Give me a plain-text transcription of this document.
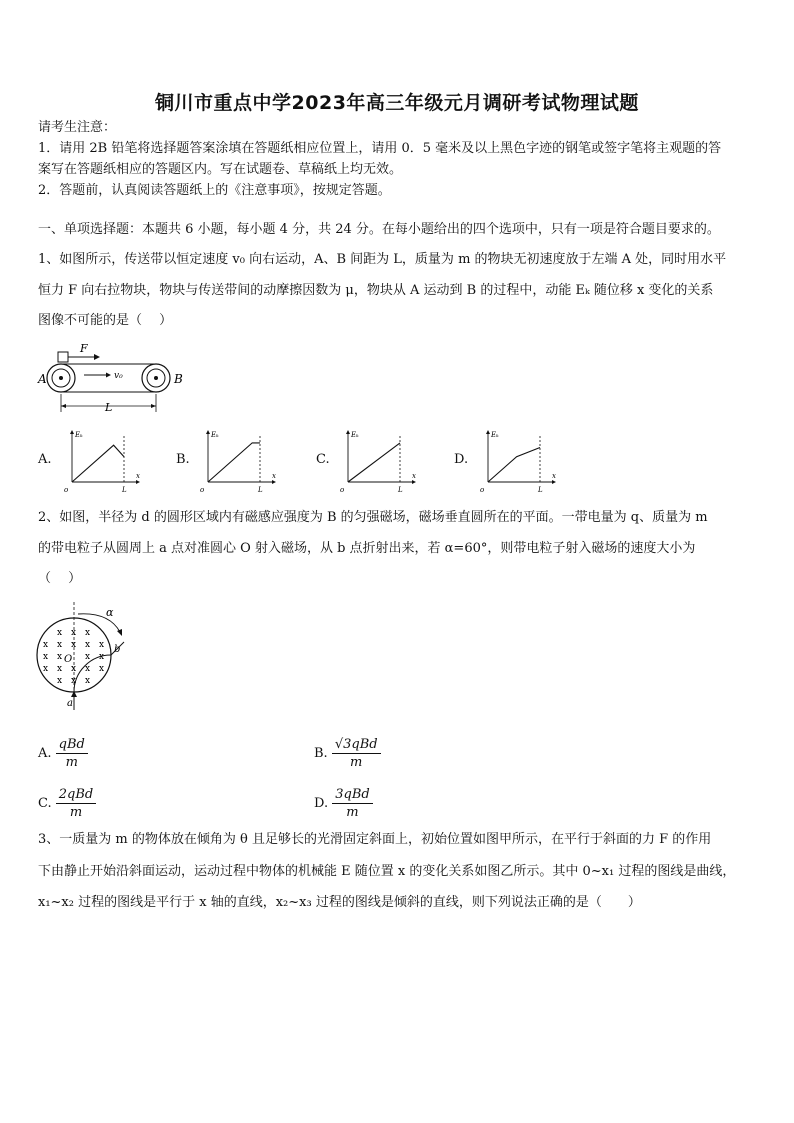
铜川市重点中学2023年高三年级元月调研考试物理试题
请考生注意：
1．请用 2B 铅笔将选择题答案涂填在答题纸相应位置上，请用 0．5 毫米及以上黑色字迹的钢笔或签字笔将主观题的答
案写在答题纸相应的答题区内。写在试题卷、草稿纸上均无效。
2．答题前，认真阅读答题纸上的《注意事项》，按规定答题。
一、单项选择题：本题共 6 小题，每小题 4 分，共 24 分。在每小题给出的四个选项中，只有一项是符合题目要求的。
1、如图所示，传送带以恒定速度 v₀ 向右运动，A、B 间距为 L，质量为 m 的物块无初速度放于左端 A 处，同时用水平
恒力 F 向右拉物块，物块与传送带间的动摩擦因数为 μ，物块从 A 运动到 B 的过程中，动能 Eₖ 随位移 x 变化的关系
图像不可能的是（　 ）
F
v₀
A	B
L
A.	B.	C.	D.
Eₖ
x
o	L
Eₖ
x
o	L
Eₖ
x
o	L
Eₖ
x
o	L
2、如图，半径为 d 的圆形区域内有磁感应强度为 B 的匀强磁场，磁场垂直圆所在的平面。一带电量为 q、质量为 m
的带电粒子从圆周上 a 点对准圆心 O 射入磁场，从 b 点折射出来，若 α=60°，则带电粒子射入磁场的速度大小为
（　 ）
α
b
O
a
x x x
x x x x x
x x	x x
x x x x x
x x x
A. $\frac{\text{qBd}}{m}$	B. $\frac{\text{√3qBd}}{m}$
C. $\frac{\text{2qBd}}{m}$	D. $\frac{\text{3qBd}}{m}$
3、一质量为 m 的物体放在倾角为 θ 且足够长的光滑固定斜面上，初始位置如图甲所示，在平行于斜面的力 F 的作用
下由静止开始沿斜面运动，运动过程中物体的机械能 E 随位置 x 的变化关系如图乙所示。其中 0~x₁ 过程的图线是曲线，
x₁~x₂ 过程的图线是平行于 x 轴的直线，x₂~x₃ 过程的图线是倾斜的直线，则下列说法正确的是（　　）
